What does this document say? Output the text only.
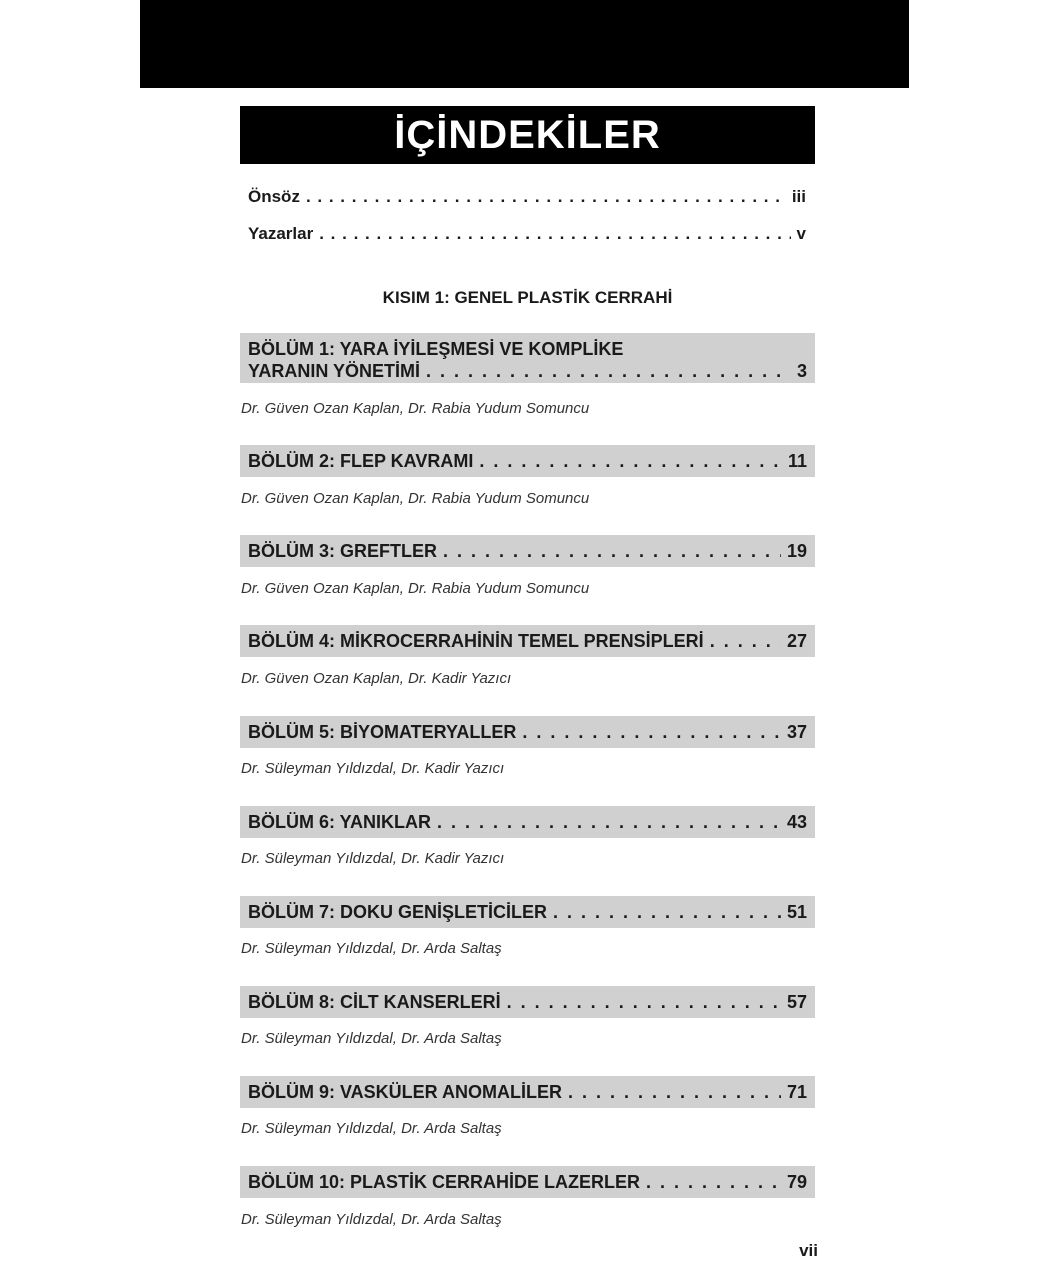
İÇİNDEKİLER
Önsöz . . .	iii
Yazarlar . . .	v
KISIM 1: GENEL PLASTİK CERRAHİ
BÖLÜM 1: YARA İYİLEŞMESİ VE KOMPLİKE
YARANIN YÖNETİMİ . . .	3
Dr. Güven Ozan Kaplan, Dr. Rabia Yudum Somuncu
BÖLÜM 2: FLEP KAVRAMI . . .	11
Dr. Güven Ozan Kaplan, Dr. Rabia Yudum Somuncu
BÖLÜM 3: GREFTLER . . .	19
Dr. Güven Ozan Kaplan, Dr. Rabia Yudum Somuncu
BÖLÜM 4: MİKROCERRAHİNİN TEMEL PRENSİPLERİ . . .	27
Dr. Güven Ozan Kaplan, Dr. Kadir Yazıcı
BÖLÜM 5: BİYOMATERYALLER . . .	37
Dr. Süleyman Yıldızdal, Dr. Kadir Yazıcı
BÖLÜM 6: YANIKLAR . . .	43
Dr. Süleyman Yıldızdal, Dr. Kadir Yazıcı
BÖLÜM 7: DOKU GENİŞLETİCİLER . . .	51
Dr. Süleyman Yıldızdal, Dr. Arda Saltaş
BÖLÜM 8: CİLT KANSERLERİ . . .	57
Dr. Süleyman Yıldızdal, Dr. Arda Saltaş
BÖLÜM 9: VASKÜLER ANOMALİLER . . .	71
Dr. Süleyman Yıldızdal, Dr. Arda Saltaş
BÖLÜM 10: PLASTİK CERRAHİDE LAZERLER . . .	79
Dr. Süleyman Yıldızdal, Dr. Arda Saltaş
vii
